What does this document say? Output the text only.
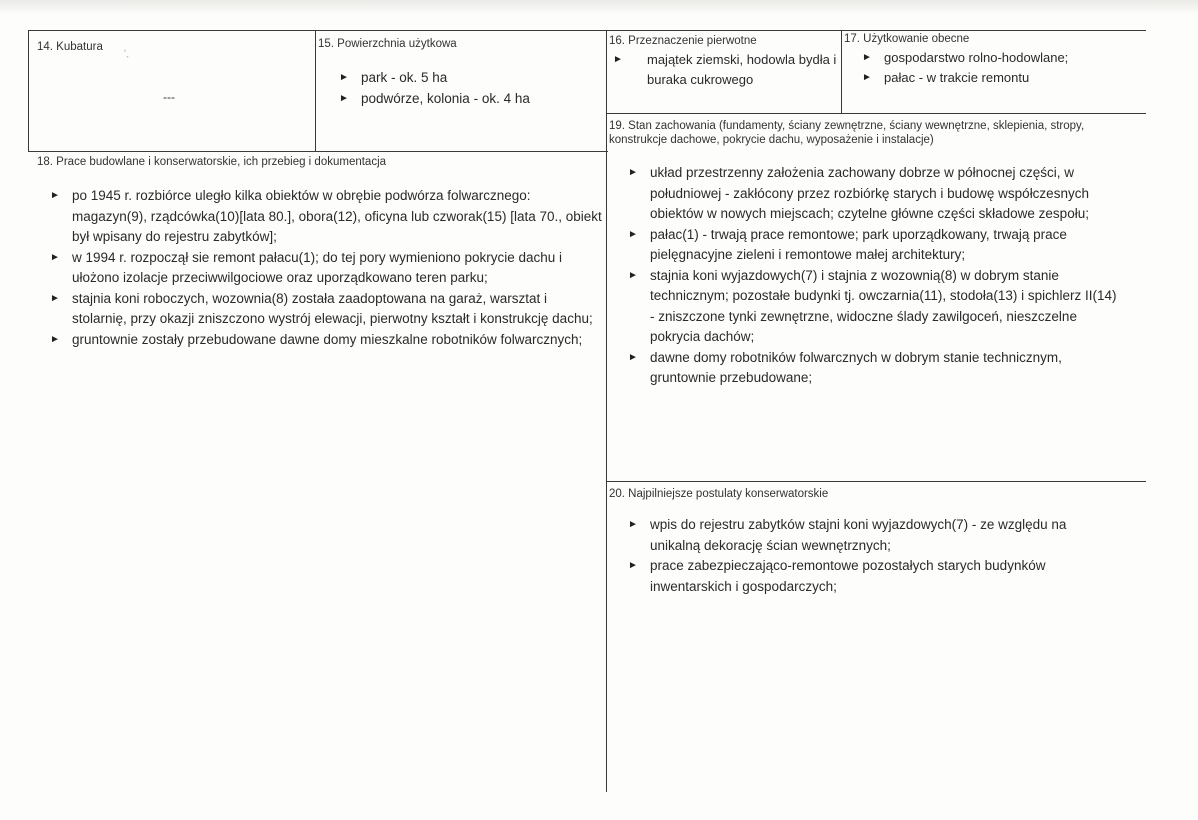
14. Kubatura
---
ʻ˯
15. Powierzchnia użytkowa
► park - ok. 5 ha
► podwórze, kolonia - ok. 4 ha
16. Przeznaczenie pierwotne
► majątek ziemski, hodowla bydła i buraka cukrowego
17. Użytkowanie obecne
► gospodarstwo rolno-hodowlane;
► pałac - w trakcie remontu
18. Prace budowlane i konserwatorskie, ich przebieg i dokumentacja
► po 1945 r. rozbiórce uległo kilka obiektów w obrębie podwórza folwarcznego: magazyn(9), rządcówka(10)[lata 80.], obora(12), oficyna lub czworak(15) [lata 70., obiekt był wpisany do rejestru zabytków];
► w 1994 r. rozpoczął sie remont pałacu(1); do tej pory wymieniono pokrycie dachu i ułożono izolacje przeciwwilgociowe oraz uporządkowano teren parku;
► stajnia koni roboczych, wozownia(8) została zaadoptowana na garaż, warsztat i stolarnię, przy okazji zniszczono wystrój elewacji, pierwotny kształt i konstrukcję dachu;
► gruntownie zostały przebudowane dawne domy mieszkalne robotników folwarcznych;
19. Stan zachowania (fundamenty, ściany zewnętrzne, ściany wewnętrzne, sklepienia, stropy, konstrukcje dachowe, pokrycie dachu, wyposażenie i instalacje)
► układ przestrzenny założenia zachowany dobrze w północnej części, w południowej - zakłócony przez rozbiórkę starych i budowę współczesnych obiektów w nowych miejscach; czytelne główne części składowe zespołu;
► pałac(1) - trwają prace remontowe; park uporządkowany, trwają prace pielęgnacyjne zieleni i remontowe małej architektury;
► stajnia koni wyjazdowych(7) i stajnia z wozownią(8) w dobrym stanie technicznym; pozostałe budynki tj. owczarnia(11), stodoła(13) i spichlerz II(14) - zniszczone tynki zewnętrzne, widoczne ślady zawilgoceń, nieszczelne pokrycia dachów;
► dawne domy robotników folwarcznych w dobrym stanie technicznym, gruntownie przebudowane;
20. Najpilniejsze postulaty konserwatorskie
► wpis do rejestru zabytków stajni koni wyjazdowych(7) - ze względu na unikalną dekorację ścian wewnętrznych;
► prace zabezpieczająco-remontowe pozostałych starych budynków inwentarskich i gospodarczych;
